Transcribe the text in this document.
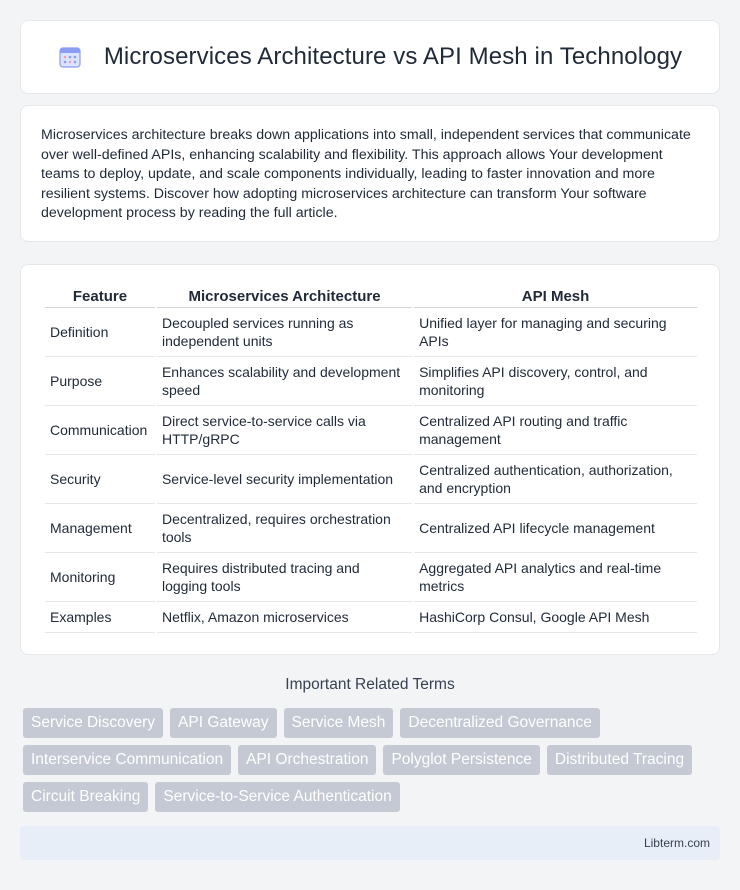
Microservices Architecture vs API Mesh in Technology

Microservices architecture breaks down applications into small, independent services that communicate over well-defined APIs, enhancing scalability and flexibility. This approach allows Your development teams to deploy, update, and scale components individually, leading to faster innovation and more resilient systems. Discover how adopting microservices architecture can transform Your software development process by reading the full article.

Feature	Microservices Architecture	API Mesh
Definition	Decoupled services running as independent units	Unified layer for managing and securing APIs
Purpose	Enhances scalability and development speed	Simplifies API discovery, control, and monitoring
Communication	Direct service-to-service calls via HTTP/gRPC	Centralized API routing and traffic management
Security	Service-level security implementation	Centralized authentication, authorization, and encryption
Management	Decentralized, requires orchestration tools	Centralized API lifecycle management
Monitoring	Requires distributed tracing and logging tools	Aggregated API analytics and real-time metrics
Examples	Netflix, Amazon microservices	HashiCorp Consul, Google API Mesh
Important Related Terms
Service Discovery	API Gateway	Service Mesh	Decentralized Governance
Interservice Communication	API Orchestration	Polyglot Persistence	Distributed Tracing
Circuit Breaking	Service-to-Service Authentication
Libterm.com
